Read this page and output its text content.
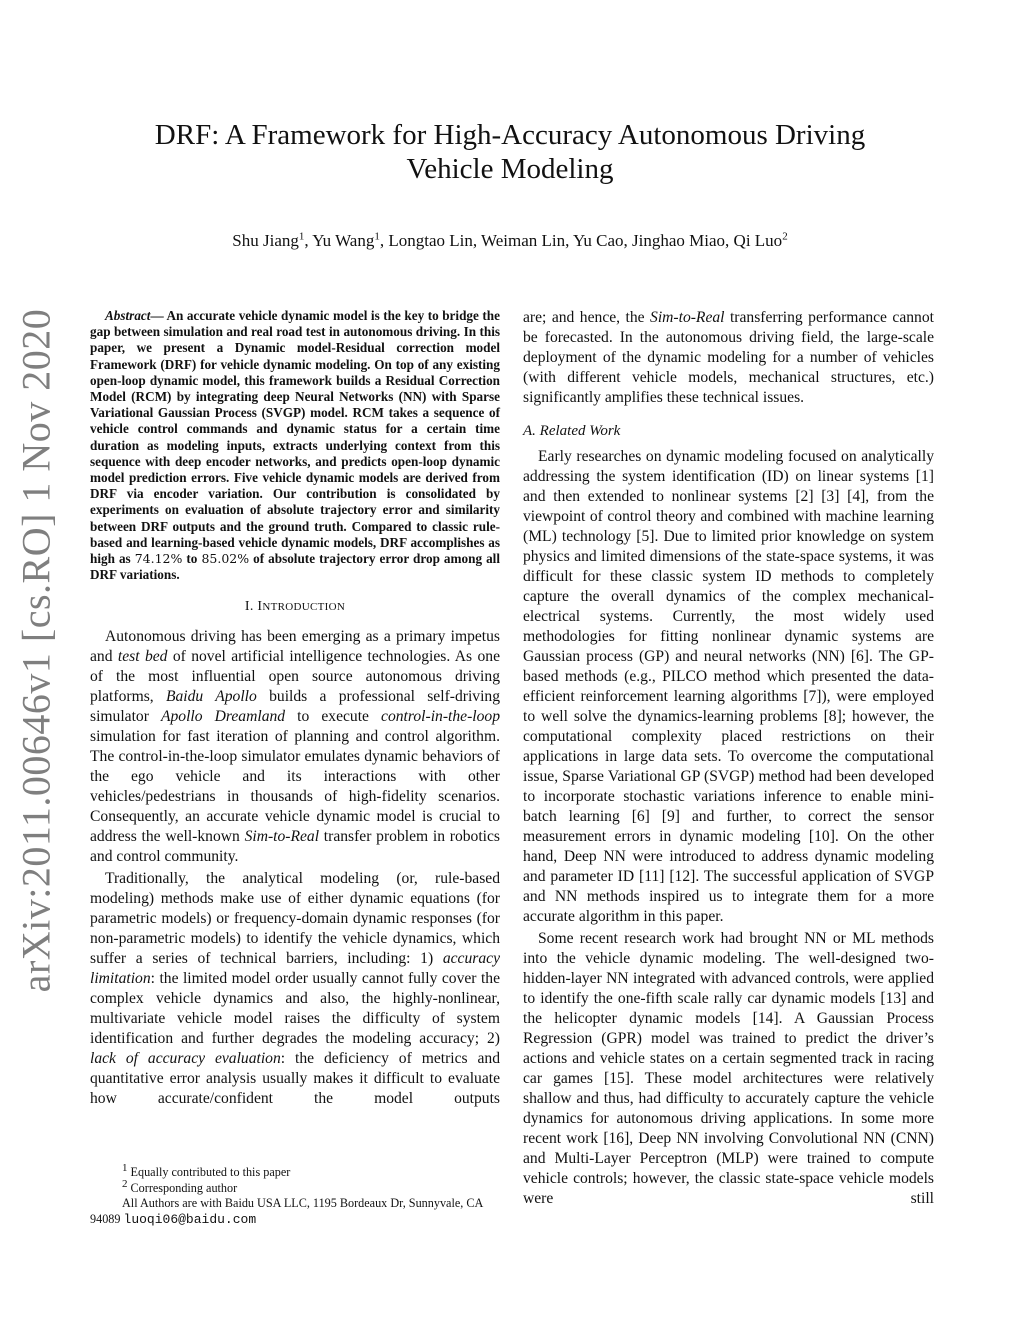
arXiv:2011.00646v1 [cs.RO] 1 Nov 2020
DRF: A Framework for High-Accuracy Autonomous Driving Vehicle Modeling

Shu Jiang$^1$, Yu Wang$^1$, Longtao Lin, Weiman Lin, Yu Cao, Jinghao Miao, Qi Luo$^2$

Abstract— An accurate vehicle dynamic model is the key to bridge the gap between simulation and real road test in autonomous driving. In this paper, we present a Dynamic model-Residual correction model Framework (DRF) for vehicle dynamic modeling. On top of any existing open-loop dynamic model, this framework builds a Residual Correction Model (RCM) by integrating deep Neural Networks (NN) with Sparse Variational Gaussian Process (SVGP) model. RCM takes a sequence of vehicle control commands and dynamic status for a certain time duration as modeling inputs, extracts underlying context from this sequence with deep encoder networks, and predicts open-loop dynamic model prediction errors. Five vehicle dynamic models are derived from DRF via encoder variation. Our contribution is consolidated by experiments on evaluation of absolute trajectory error and similarity between DRF outputs and the ground truth. Compared to classic rule-based and learning-based vehicle dynamic models, DRF accomplishes as high as 74.12% to 85.02% of absolute trajectory error drop among all DRF variations.

I. INTRODUCTION

Autonomous driving has been emerging as a primary impetus and test bed of novel artificial intelligence technologies. As one of the most influential open source autonomous driving platforms, Baidu Apollo builds a professional self-driving simulator Apollo Dreamland to execute control-in-the-loop simulation for fast iteration of planning and control algorithm. The control-in-the-loop simulator emulates dynamic behaviors of the ego vehicle and its interactions with other vehicles/pedestrians in thousands of high-fidelity scenarios. Consequently, an accurate vehicle dynamic model is crucial to address the well-known Sim-to-Real transfer problem in robotics and control community.

Traditionally, the analytical modeling (or, rule-based modeling) methods make use of either dynamic equations (for parametric models) or frequency-domain dynamic responses (for non-parametric models) to identify the vehicle dynamics, which suffer a series of technical barriers, including: 1) accuracy limitation: the limited model order usually cannot fully cover the complex vehicle dynamics and also, the highly-nonlinear, multivariate vehicle model raises the difficulty of system identification and further degrades the modeling accuracy; 2) lack of accuracy evaluation: the deficiency of metrics and quantitative error analysis usually makes it difficult to evaluate how accurate/confident the model outputs

$^1$ Equally contributed to this paper

$^2$ Corresponding author

All Authors are with Baidu USA LLC, 1195 Bordeaux Dr, Sunnyvale, CA 94089 luoqi06@baidu.com

are; and hence, the Sim-to-Real transferring performance cannot be forecasted. In the autonomous driving field, the large-scale deployment of the dynamic modeling for a number of vehicles (with different vehicle models, mechanical structures, etc.) significantly amplifies these technical issues.

A. Related Work

Early researches on dynamic modeling focused on analytically addressing the system identification (ID) on linear systems [1] and then extended to nonlinear systems [2] [3] [4], from the viewpoint of control theory and combined with machine learning (ML) technology [5]. Due to limited prior knowledge on system physics and limited dimensions of the state-space systems, it was difficult for these classic system ID methods to completely capture the overall dynamics of the complex mechanical-electrical systems. Currently, the most widely used methodologies for fitting nonlinear dynamic systems are Gaussian process (GP) and neural networks (NN) [6]. The GP-based methods (e.g., PILCO method which presented the data-efficient reinforcement learning algorithms [7]), were employed to well solve the dynamics-learning problems [8]; however, the computational complexity placed restrictions on their applications in large data sets. To overcome the computational issue, Sparse Variational GP (SVGP) method had been developed to incorporate stochastic variations inference to enable mini-batch learning [6] [9] and further, to correct the sensor measurement errors in dynamic modeling [10]. On the other hand, Deep NN were introduced to address dynamic modeling and parameter ID [11] [12]. The successful application of SVGP and NN methods inspired us to integrate them for a more accurate algorithm in this paper.

Some recent research work had brought NN or ML methods into the vehicle dynamic modeling. The well-designed two-hidden-layer NN integrated with advanced controls, were applied to identify the one-fifth scale rally car dynamic models [13] and the helicopter dynamic models [14]. A Gaussian Process Regression (GPR) model was trained to predict the driver’s actions and vehicle states on a certain segmented track in racing car games [15]. These model architectures were relatively shallow and thus, had difficulty to accurately capture the vehicle dynamics for autonomous driving applications. In some more recent work [16], Deep NN involving Convolutional NN (CNN) and Multi-Layer Perceptron (MLP) were trained to compute vehicle controls; however, the classic state-space vehicle models were still
